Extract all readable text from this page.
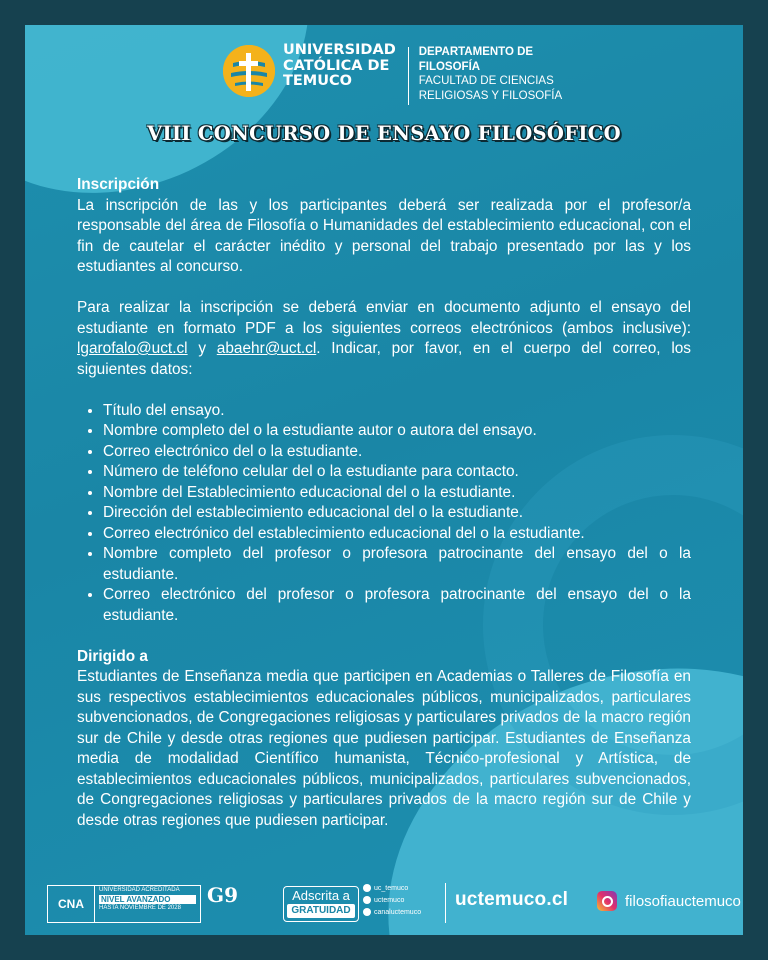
UNIVERSIDAD
CATÓLICA DE
TEMUCO
DEPARTAMENTO DE
FILOSOFÍA
FACULTAD DE CIENCIAS
RELIGIOSAS Y FILOSOFÍA
VIII CONCURSO DE ENSAYO FILOSÓFICO
Inscripción

La inscripción de las y los participantes deberá ser realizada por el profesor/a responsable del área de Filosofía o Humanidades del establecimiento educacional, con el fin de cautelar el carácter inédito y personal del trabajo presentado por las y los estudiantes al concurso.

Para realizar la inscripción se deberá enviar en documento adjunto el ensayo del estudiante en formato PDF a los siguientes correos electrónicos (ambos inclusive): lgarofalo@uct.cl y abaehr@uct.cl. Indicar, por favor, en el cuerpo del correo, los siguientes datos:

• Título del ensayo.
• Nombre completo del o la estudiante autor o autora del ensayo.
• Correo electrónico del o la estudiante.
• Número de teléfono celular del o la estudiante para contacto.
• Nombre del Establecimiento educacional del o la estudiante.
• Dirección del establecimiento educacional del o la estudiante.
• Correo electrónico del establecimiento educacional del o la estudiante.
• Nombre completo del profesor o profesora patrocinante del ensayo del o la estudiante.
• Correo electrónico del profesor o profesora patrocinante del ensayo del o la estudiante.
Dirigido a

Estudiantes de Enseñanza media que participen en Academias o Talleres de Filosofía en sus respectivos establecimientos educacionales públicos, municipalizados, particulares subvencionados, de Congregaciones religiosas y particulares privados de la macro región sur de Chile y desde otras regiones que pudiesen participar. Estudiantes de Enseñanza media de modalidad Científico humanista, Técnico-profesional y Artística, de establecimientos educacionales públicos, municipalizados, particulares subvencionados, de Congregaciones religiosas y particulares privados de la macro región sur de Chile y desde otras regiones que pudiesen participar.

CNA
UNIVERSIDAD ACREDITADA
NIVEL AVANZADO
HASTA NOVIEMBRE DE 2028
G9	Adscrita a
GRATUIDAD
uc_temuco
uctemuco
canaluctemuco
uctemuco.cl	filosofiauctemuco
